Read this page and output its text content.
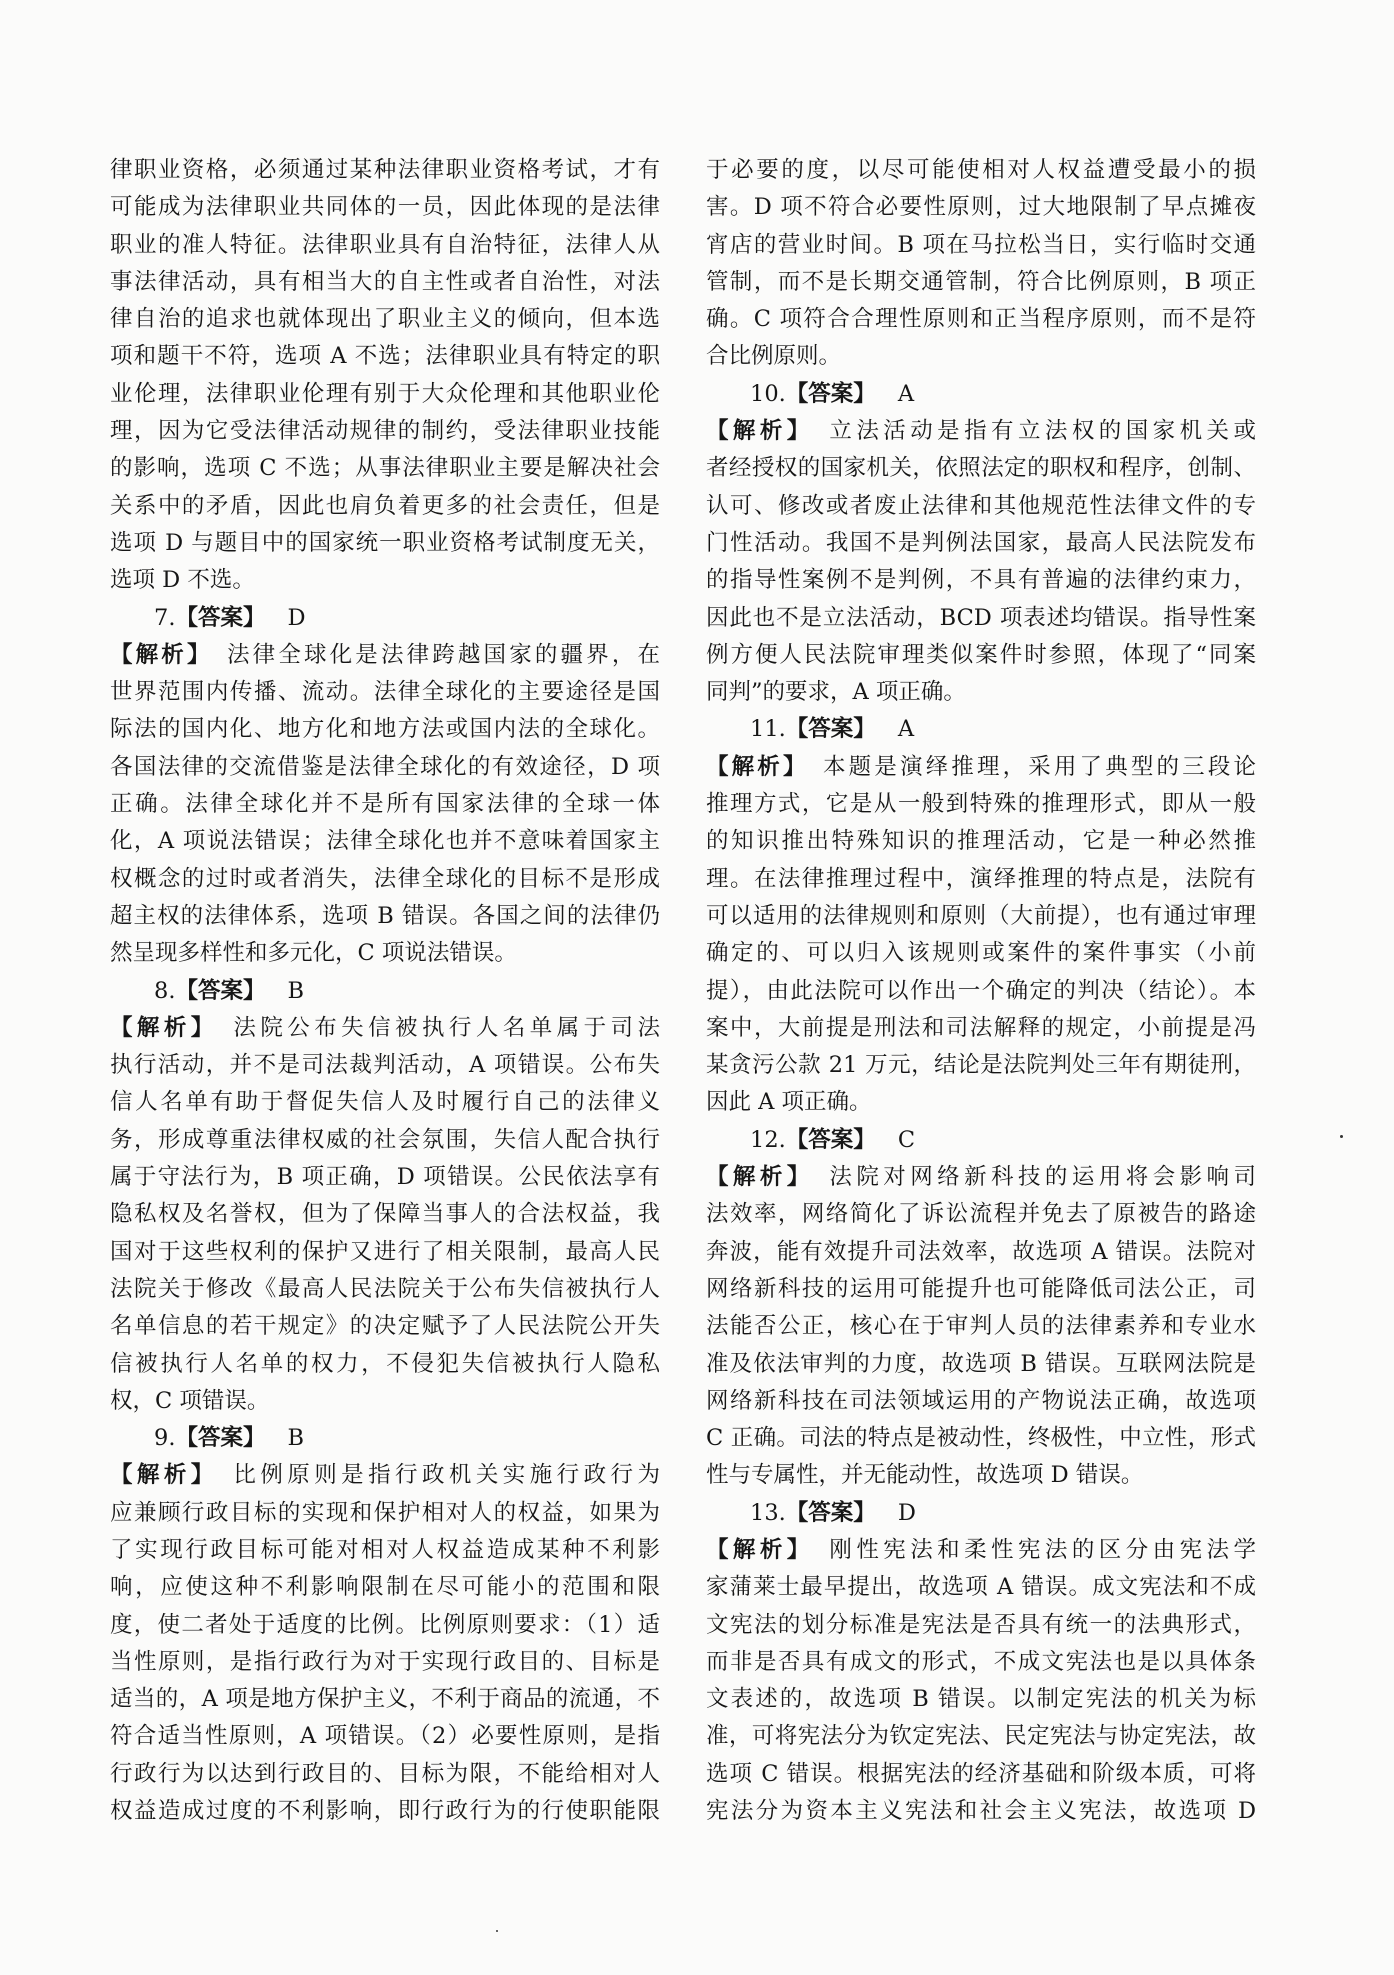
律职业资格，必须通过某种法律职业资格考试，才有
可能成为法律职业共同体的一员，因此体现的是法律
职业的准人特征。法律职业具有自治特征，法律人从
事法律活动，具有相当大的自主性或者自治性，对法
律自治的追求也就体现出了职业主义的倾向，但本选
项和题干不符，选项 A 不选；法律职业具有特定的职
业伦理，法律职业伦理有别于大众伦理和其他职业伦
理，因为它受法律活动规律的制约，受法律职业技能
的影响，选项 C 不选；从事法律职业主要是解决社会
关系中的矛盾，因此也肩负着更多的社会责任，但是
选项 D 与题目中的国家统一职业资格考试制度无关，
选项 D 不选。
7.【答案】 D
【解析】　法律全球化是法律跨越国家的疆界，在
世界范围内传播、流动。法律全球化的主要途径是国
际法的国内化、地方化和地方法或国内法的全球化。
各国法律的交流借鉴是法律全球化的有效途径，D 项
正确。法律全球化并不是所有国家法律的全球一体
化，A 项说法错误；法律全球化也并不意味着国家主
权概念的过时或者消失，法律全球化的目标不是形成
超主权的法律体系，选项 B 错误。各国之间的法律仍
然呈现多样性和多元化，C 项说法错误。
8.【答案】 B
【解析】　法院公布失信被执行人名单属于司法
执行活动，并不是司法裁判活动，A 项错误。公布失
信人名单有助于督促失信人及时履行自己的法律义
务，形成尊重法律权威的社会氛围，失信人配合执行
属于守法行为，B 项正确，D 项错误。公民依法享有
隐私权及名誉权，但为了保障当事人的合法权益，我
国对于这些权利的保护又进行了相关限制，最高人民
法院关于修改《最高人民法院关于公布失信被执行人
名单信息的若干规定》的决定赋予了人民法院公开失
信被执行人名单的权力，不侵犯失信被执行人隐私
权，C 项错误。
9.【答案】 B
【解析】　比例原则是指行政机关实施行政行为
应兼顾行政目标的实现和保护相对人的权益，如果为
了实现行政目标可能对相对人权益造成某种不利影
响，应使这种不利影响限制在尽可能小的范围和限
度，使二者处于适度的比例。比例原则要求：（1）适
当性原则，是指行政行为对于实现行政目的、目标是
适当的，A 项是地方保护主义，不利于商品的流通，不
符合适当性原则，A 项错误。（2）必要性原则，是指
行政行为以达到行政目的、目标为限，不能给相对人
权益造成过度的不利影响，即行政行为的行使职能限
于必要的度，以尽可能使相对人权益遭受最小的损
害。D 项不符合必要性原则，过大地限制了早点摊夜
宵店的营业时间。B 项在马拉松当日，实行临时交通
管制，而不是长期交通管制，符合比例原则，B 项正
确。C 项符合合理性原则和正当程序原则，而不是符
合比例原则。
10.【答案】 A
【解析】　立法活动是指有立法权的国家机关或
者经授权的国家机关，依照法定的职权和程序，创制、
认可、修改或者废止法律和其他规范性法律文件的专
门性活动。我国不是判例法国家，最高人民法院发布
的指导性案例不是判例，不具有普遍的法律约束力，
因此也不是立法活动，BCD 项表述均错误。指导性案
例方便人民法院审理类似案件时参照，体现了“同案
同判”的要求，A 项正确。
11.【答案】 A
【解析】　本题是演绎推理，采用了典型的三段论
推理方式，它是从一般到特殊的推理形式，即从一般
的知识推出特殊知识的推理活动，它是一种必然推
理。在法律推理过程中，演绎推理的特点是，法院有
可以适用的法律规则和原则（大前提），也有通过审理
确定的、可以归入该规则或案件的案件事实（小前
提），由此法院可以作出一个确定的判决（结论）。本
案中，大前提是刑法和司法解释的规定，小前提是冯
某贪污公款 21 万元，结论是法院判处三年有期徒刑，
因此 A 项正确。
12.【答案】 C
【解析】　法院对网络新科技的运用将会影响司
法效率，网络简化了诉讼流程并免去了原被告的路途
奔波，能有效提升司法效率，故选项 A 错误。法院对
网络新科技的运用可能提升也可能降低司法公正，司
法能否公正，核心在于审判人员的法律素养和专业水
准及依法审判的力度，故选项 B 错误。互联网法院是
网络新科技在司法领域运用的产物说法正确，故选项
C 正确。司法的特点是被动性，终极性，中立性，形式
性与专属性，并无能动性，故选项 D 错误。
13.【答案】 D
【解析】　刚性宪法和柔性宪法的区分由宪法学
家蒲莱士最早提出，故选项 A 错误。成文宪法和不成
文宪法的划分标准是宪法是否具有统一的法典形式，
而非是否具有成文的形式，不成文宪法也是以具体条
文表述的，故选项 B 错误。以制定宪法的机关为标
准，可将宪法分为钦定宪法、民定宪法与协定宪法，故
选项 C 错误。根据宪法的经济基础和阶级本质，可将
宪法分为资本主义宪法和社会主义宪法，故选项 D
